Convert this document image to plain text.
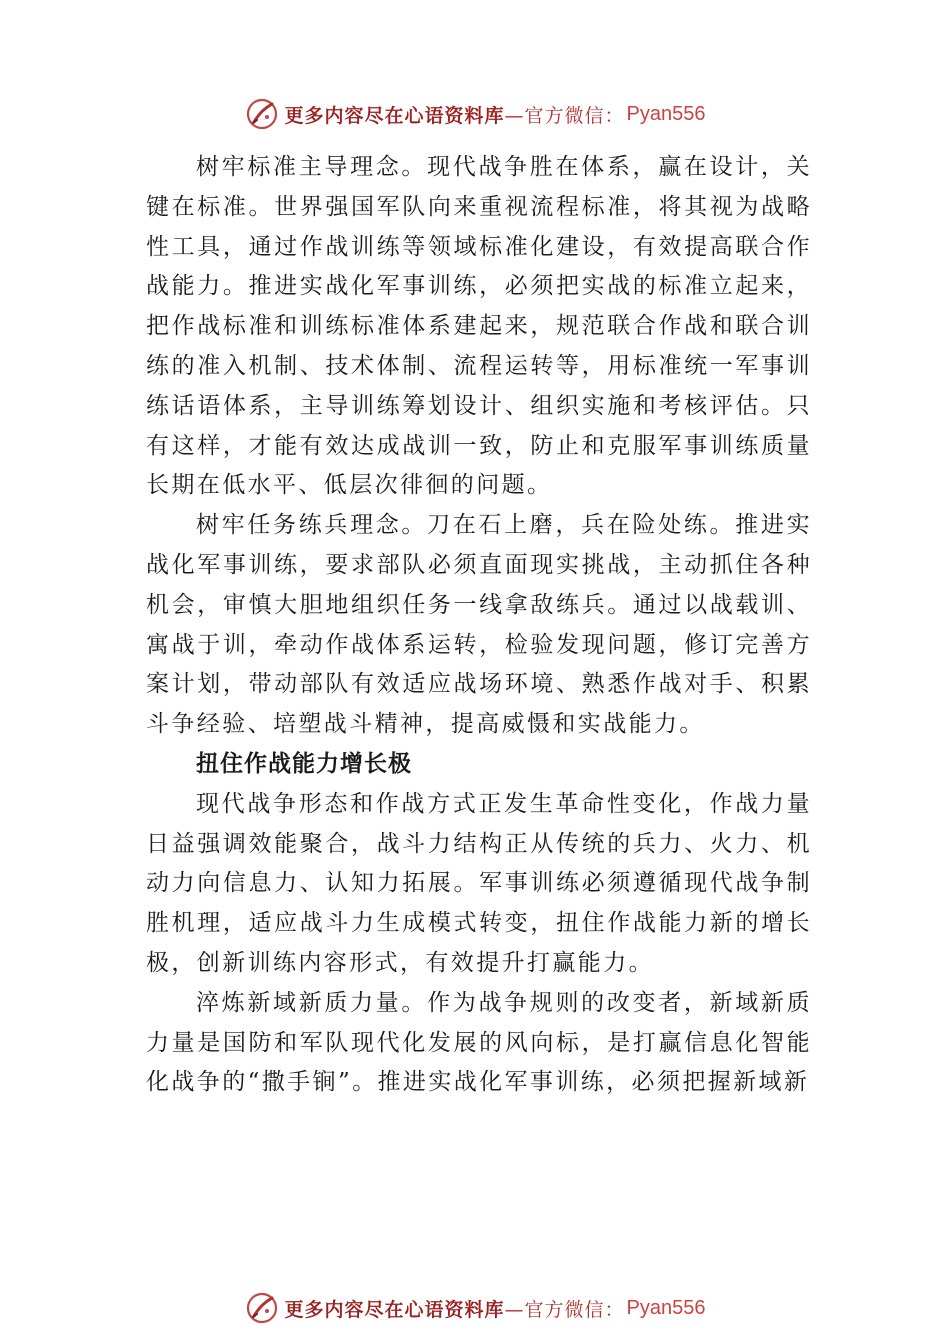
更多内容尽在心语资料库 —官方微信： Pyan556

树牢标准主导理念。现代战争胜在体系，赢在设计，关键在标准。世界强国军队向来重视流程标准，将其视为战略性工具，通过作战训练等领域标准化建设，有效提高联合作战能力。推进实战化军事训练，必须把实战的标准立起来， 把作战标准和训练标准体系建起来，规范联合作战和联合训练的准入机制、技术体制、流程运转等，用标准统一军事训练话语体系，主导训练筹划设计、组织实施和考核评估。只有这样，才能有效达成战训一致，防止和克服军事训练质量长期在低水平、低层次徘徊的问题。

树牢任务练兵理念。刀在石上磨，兵在险处练。推进实战化军事训练，要求部队必须直面现实挑战，主动抓住各种机会，审慎大胆地组织任务一线拿敌练兵。通过以战载训、 寓战于训，牵动作战体系运转，检验发现问题，修订完善方案计划，带动部队有效适应战场环境、熟悉作战对手、积累斗争经验、培塑战斗精神，提高威慑和实战能力。

扭住作战能力增长极

现代战争形态和作战方式正发生革命性变化，作战力量日益强调效能聚合，战斗力结构正从传统的兵力、火力、机动力向信息力、认知力拓展。军事训练必须遵循现代战争制胜机理，适应战斗力生成模式转变，扭住作战能力新的增长极，创新训练内容形式，有效提升打赢能力。

淬炼新域新质力量。作为战争规则的改变者，新域新质力量是国防和军队现代化发展的风向标，是打赢信息化智能化战争的“撒手锏”。推进实战化军事训练，必须把握新域新

更多内容尽在心语资料库 —官方微信： Pyan556
